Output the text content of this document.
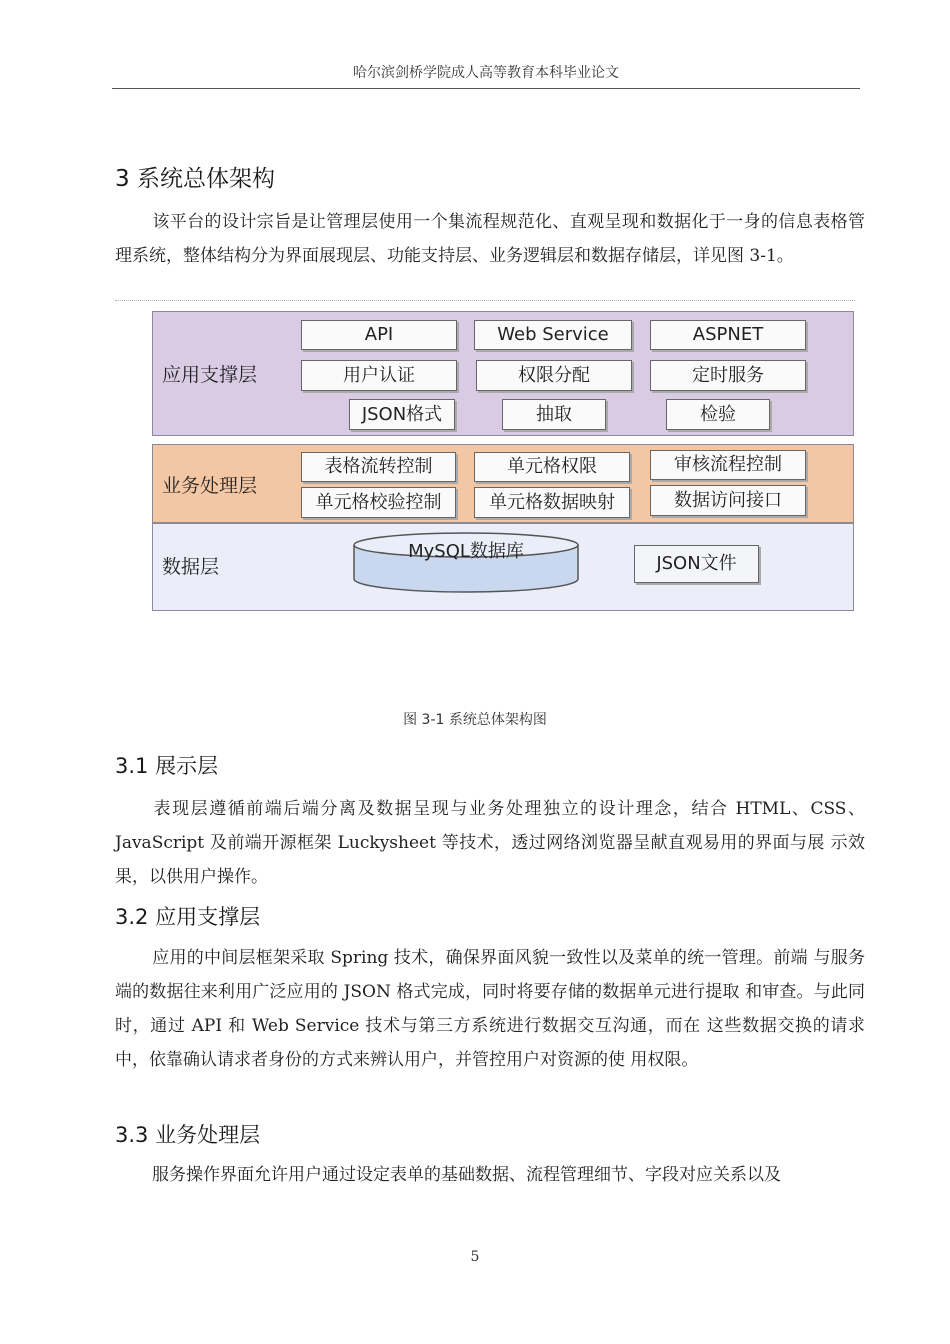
哈尔滨剑桥学院成人高等教育本科毕业论文
3 系统总体架构
该平台的设计宗旨是让管理层使用一个集流程规范化、直观呈现和数据化于一身的信息表格管理系统，整体结构分为界面展现层、功能支持层、业务逻辑层和数据存储层，详见图 3-1。
应用支撑层
API	Web Service	ASPNET
用户认证	权限分配	定时服务
JSON格式	抽取	检验
业务处理层
表格流转控制	单元格权限	审核流程控制
单元格校验控制	单元格数据映射	数据访问接口
数据层
MySQL数据库
JSON文件
图 3-1 系统总体架构图
3.1 展示层
表现层遵循前端后端分离及数据呈现与业务处理独立的设计理念，结合 HTML、CSS、 JavaScript 及前端开源框架 Luckysheet 等技术，透过网络浏览器呈献直观易用的界面与展 示效果，以供用户操作。
3.2 应用支撑层
应用的中间层框架采取 Spring 技术，确保界面风貌一致性以及菜单的统一管理。前端 与服务端的数据往来利用广泛应用的 JSON 格式完成，同时将要存储的数据单元进行提取 和审查。与此同时，通过 API 和 Web Service 技术与第三方系统进行数据交互沟通，而在 这些数据交换的请求中，依靠确认请求者身份的方式来辨认用户，并管控用户对资源的使 用权限。
3.3 业务处理层
服务操作界面允许用户通过设定表单的基础数据、流程管理细节、字段对应关系以及
5
